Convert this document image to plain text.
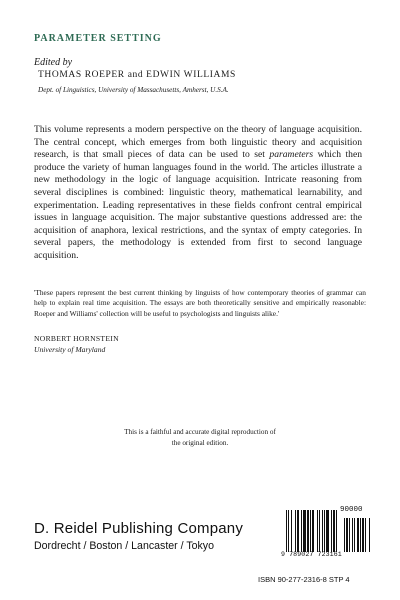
PARAMETER SETTING
Edited by
THOMAS ROEPER and EDWIN WILLIAMS
Dept. of Linguistics, University of Massachusetts, Amherst, U.S.A.

This volume represents a modern perspective on the theory of language acquisition. The central concept, which emerges from both linguistic theory and acquisition research, is that small pieces of data can be used to set parameters which then produce the variety of human languages found in the world. The articles illustrate a new methodology in the logic of language acquisition. Intricate reasoning from several disciplines is combined: linguistic theory, mathematical learnability, and experimentation. Leading representatives in these fields confront central empirical issues in language acquisition. The major substantive questions addressed are: the acquisition of anaphora, lexical restrictions, and the syntax of empty categories. In several papers, the methodology is extended from first to second language acquisition.

'These papers represent the best current thinking by linguists of how contemporary theories of grammar can help to explain real time acquisition. The essays are both theoretically sensitive and empirically reasonable: Roeper and Williams' collection will be useful to psychologists and linguists alike.'

NORBERT HORNSTEIN
University of Maryland

This is a faithful and accurate digital reproduction of the original edition.

D. Reidel Publishing Company
Dordrecht / Boston / Lancaster / Tokyo
90000
9 789027 723161
ISBN 90-277-2316-8 STP 4
